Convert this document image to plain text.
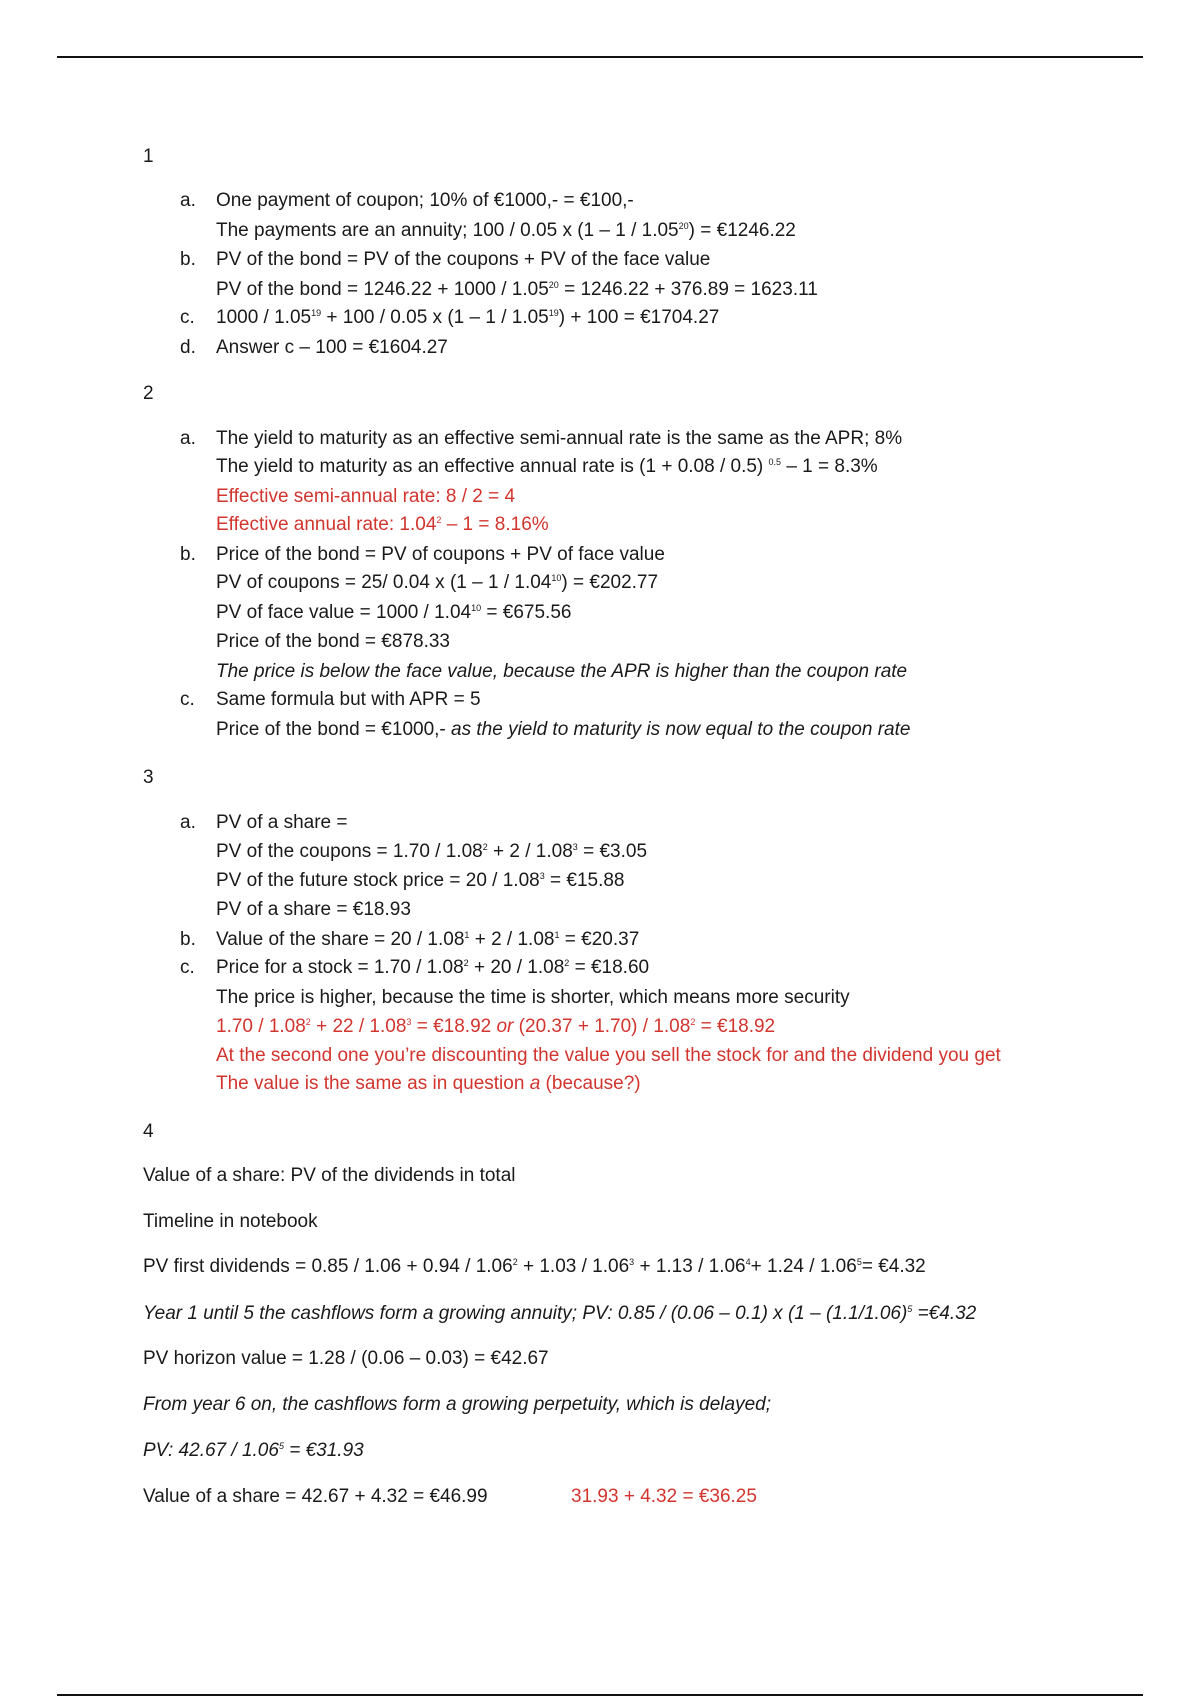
1
a. One payment of coupon; 10% of €1000,- = €100,-
The payments are an annuity; 100 / 0.05 x $(1 - 1 / 1.05^{20})$ = €1246.22
b. PV of the bond = PV of the coupons + PV of the face value
PV of the bond = $1246.22 + 1000 / 1.05^{20} = 1246.22 + 376.89 = 1623.11$
c. $1000 / 1.05^{19} + 100 / 0.05$ x $(1 - 1 / 1.05^{19}) + 100$ = €1704.27
d. Answer c – 100 = €1604.27
2
a. The yield to maturity as an effective semi-annual rate is the same as the APR; 8%
The yield to maturity as an effective annual rate is (1 + 0.08 / 0.5) $^{0.5}$ – 1 = 8.3%
Effective semi-annual rate: 8 / 2 = 4
Effective annual rate: 1.04$^2$ – 1 = 8.16%
b. Price of the bond = PV of coupons + PV of face value
PV of coupons = 25/ 0.04 x $(1 - 1 / 1.04^{10})$ = €202.77
PV of face value = $1000 / 1.04^{10}$ = €675.56
Price of the bond = €878.33
The price is below the face value, because the APR is higher than the coupon rate
c. Same formula but with APR = 5
Price of the bond = €1000,- as the yield to maturity is now equal to the coupon rate
3
a. PV of a share =
PV of the coupons = $1.70 / 1.08^2 + 2 / 1.08^3$ = €3.05
PV of the future stock price = $20 / 1.08^3$ = €15.88
PV of a share = €18.93
b. Value of the share = $20 / 1.08^1 + 2 / 1.08^1$ = €20.37
c. Price for a stock = $1.70 / 1.08^2 + 20 / 1.08^2$ = €18.60
The price is higher, because the time is shorter, which means more security
$1.70 / 1.08^2 + 22 / 1.08^3$ = €18.92 or $(20.37 + 1.70) / 1.08^2$ = €18.92
At the second one you’re discounting the value you sell the stock for and the dividend you get
The value is the same as in question a (because?)
4
Value of a share: PV of the dividends in total
Timeline in notebook
PV first dividends = $0.85 / 1.06 + 0.94 / 1.06^2 + 1.03 / 1.06^3 + 1.13 / 1.06^4+ 1.24 / 1.06^5=$ €4.32
Year 1 until 5 the cashflows form a growing annuity; PV: 0.85 / (0.06 – 0.1) x ($1 - (1.1/1.06)^5$ =€4.32
PV horizon value = 1.28 / (0.06 – 0.03) = €42.67
From year 6 on, the cashflows form a growing perpetuity, which is delayed;
PV: $42.67 / 1.06^5$ = €31.93
Value of a share = 42.67 + 4.32 = €46.99	31.93 + 4.32 = €36.25
